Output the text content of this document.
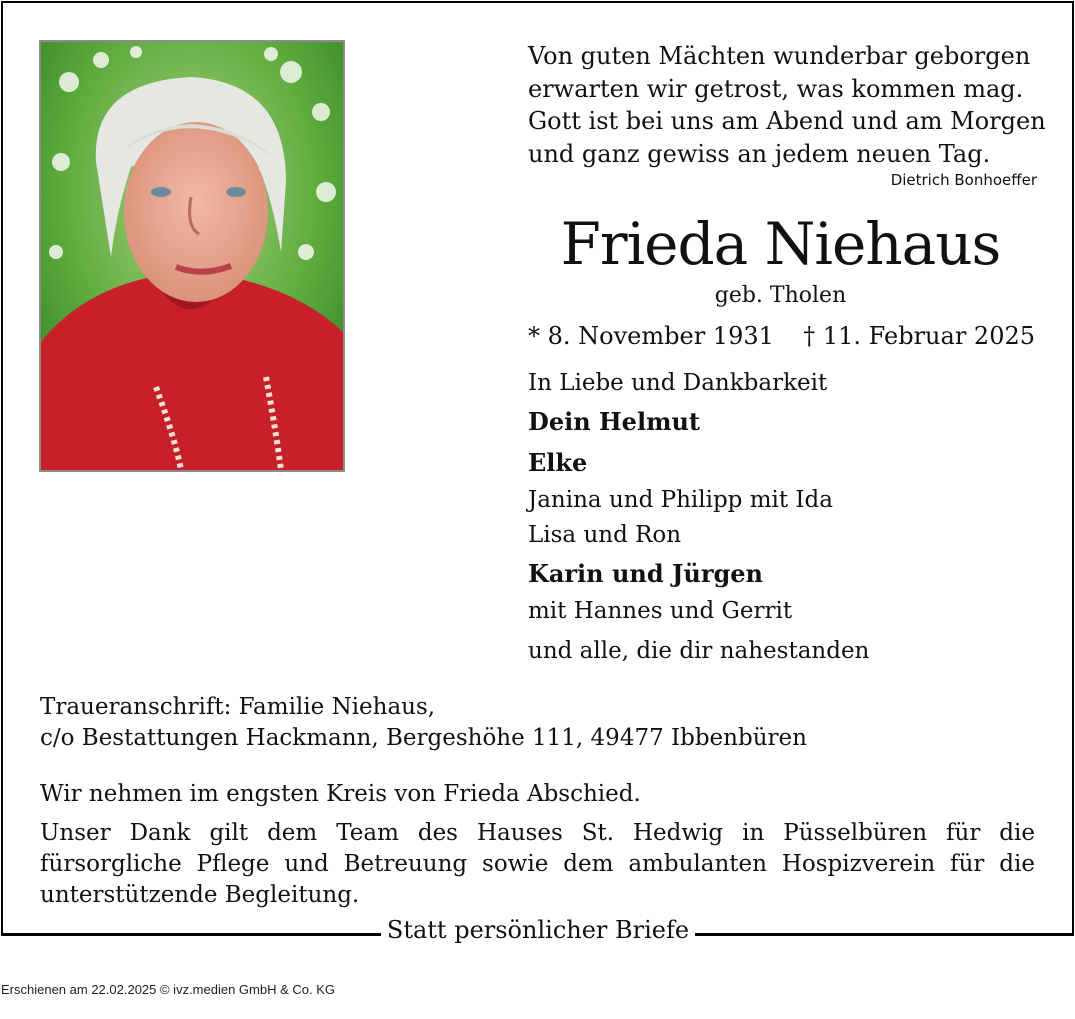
Statt persönlicher Briefe
Von guten Mächten wunderbar geborgen
erwarten wir getrost, was kommen mag.
Gott ist bei uns am Abend und am Morgen
und ganz gewiss an jedem neuen Tag.
Dietrich Bonhoeffer
Frieda Niehaus
geb. Tholen
* 8. November 1931 † 11. Februar 2025
In Liebe und Dankbarkeit
Dein Helmut
Elke
Janina und Philipp mit Ida
Lisa und Ron
Karin und Jürgen
mit Hannes und Gerrit
und alle, die dir nahestanden
Traueranschrift: Familie Niehaus,
c/o Bestattungen Hackmann, Bergeshöhe 111, 49477 Ibbenbüren
Wir nehmen im engsten Kreis von Frieda Abschied.
Unser Dank gilt dem Team des Hauses St. Hedwig in Püsselbüren für die fürsorgliche Pflege und Betreuung sowie dem ambulanten Hospizverein für die unterstützende Begleitung.
Erschienen am 22.02.2025 © ivz.medien GmbH & Co. KG
